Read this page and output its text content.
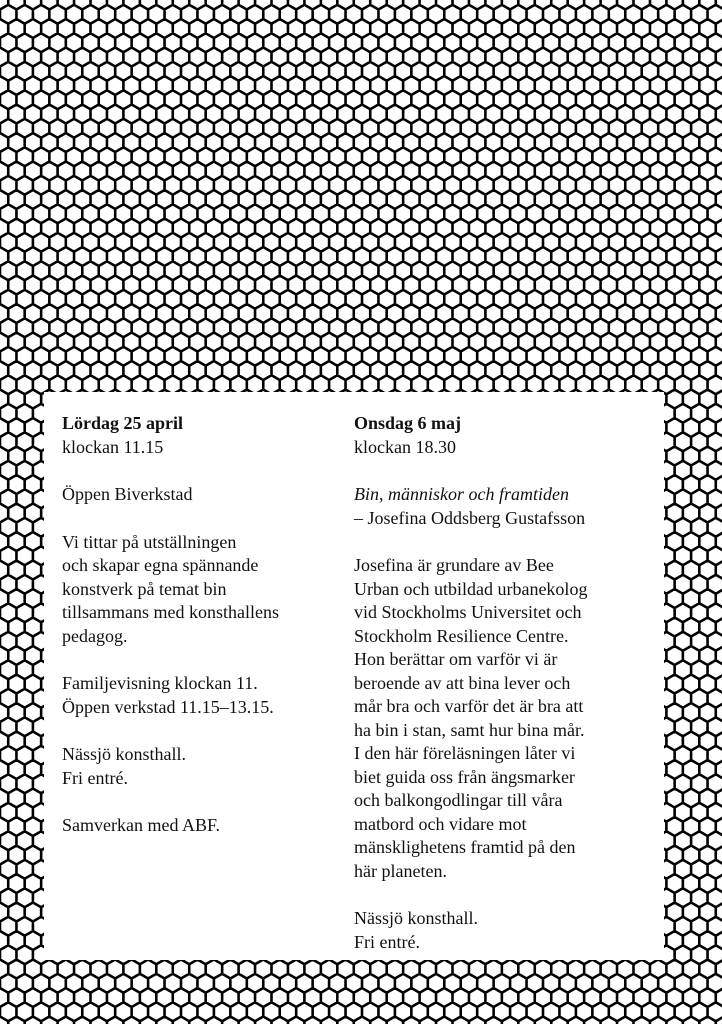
Lördag 25 april
klockan 11.15
Öppen Biverkstad
Vi tittar på utställningen
och skapar egna spännande
konstverk på temat bin
tillsammans med konsthallens
pedagog.
Familjevisning klockan 11.
Öppen verkstad 11.15–13.15.
Nässjö konsthall.
Fri entré.
Samverkan med ABF.
Onsdag 6 maj
klockan 18.30
Bin, människor och framtiden
– Josefina Oddsberg Gustafsson
Josefina är grundare av Bee
Urban och utbildad urbanekolog
vid Stockholms Universitet och
Stockholm Resilience Centre.
Hon berättar om varför vi är
beroende av att bina lever och
mår bra och varför det är bra att
ha bin i stan, samt hur bina mår.
I den här föreläsningen låter vi
biet guida oss från ängsmarker
och balkongodlingar till våra
matbord och vidare mot
mänsklighetens framtid på den
här planeten.
Nässjö konsthall.
Fri entré.
